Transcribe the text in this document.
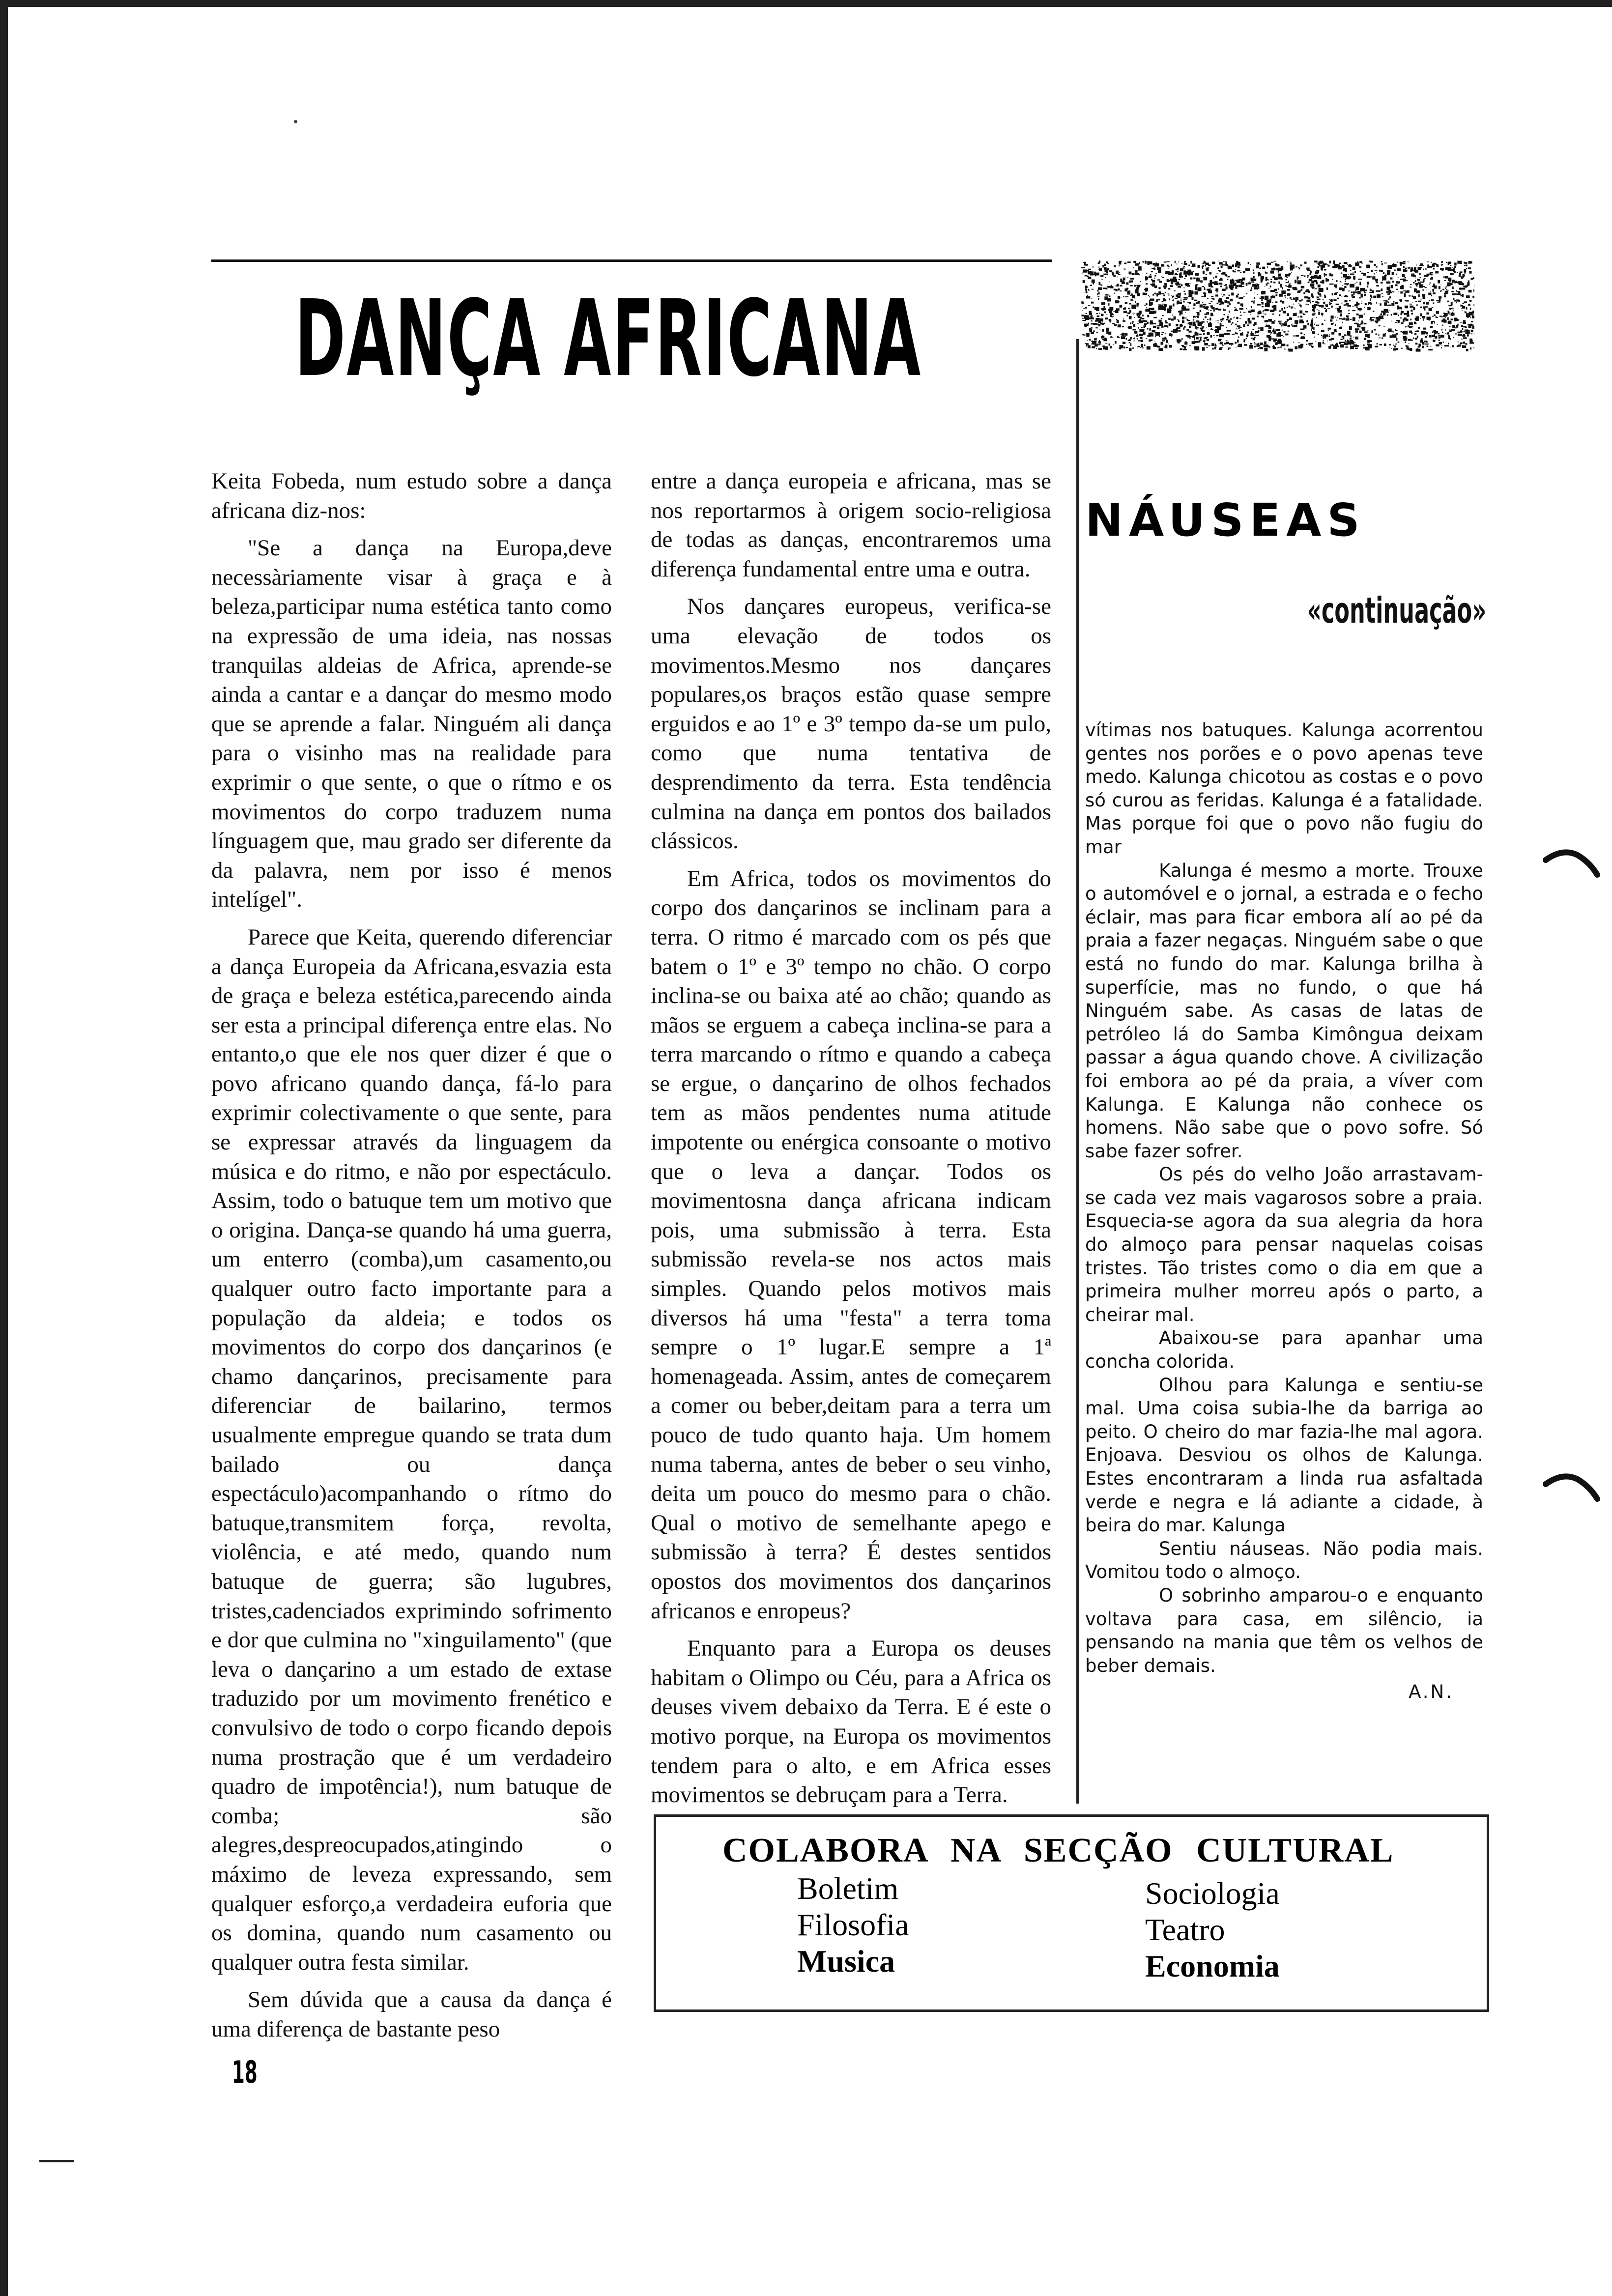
DANÇA AFRICANA

Keita Fobeda, num estudo sobre a dança africana diz-nos:

"Se a dança na Europa,deve necessàriamente visar à graça e à beleza,participar numa estética tanto como na expressão de uma ideia, nas nossas tranquilas aldeias de Africa, aprende-se ainda a cantar e a dançar do mesmo modo que se aprende a falar. Ninguém ali dança para o visinho mas na realidade para exprimir o que sente, o que o rítmo e os movimentos do corpo traduzem numa línguagem que, mau grado ser diferente da da palavra, nem por isso é menos intelígel".

Parece que Keita, querendo diferenciar a dança Europeia da Africana,esvazia esta de graça e beleza estética,parecendo ainda ser esta a principal diferença entre elas. No entanto,o que ele nos quer dizer é que o povo africano quando dança, fá-lo para exprimir colectivamente o que sente, para se expressar através da linguagem da música e do ritmo, e não por espectáculo. Assim, todo o batuque tem um motivo que o origina. Dança-se quando há uma guerra, um enterro (comba),um casamento,ou qualquer outro facto importante para a população da aldeia; e todos os movimentos do corpo dos dançarinos (e chamo dançarinos, precisamente para diferenciar de bailarino, termos usualmente empregue quando se trata dum bailado ou dança espectáculo)acompanhando o rítmo do batuque,transmitem força, revolta, violência, e até medo, quando num batuque de guerra; são lugubres, tristes,cadenciados exprimindo sofrimento e dor que culmina no "xinguilamento" (que leva o dançarino a um estado de extase traduzido por um movimento frenético e convulsivo de todo o corpo ficando depois numa prostração que é um verdadeiro quadro de impotência!), num batuque de comba; são alegres,despreocupados,atingindo o máximo de leveza expressando, sem qualquer esforço,a verdadeira euforia que os domina, quando num casamento ou qualquer outra festa similar.

Sem dúvida que a causa da dança é uma diferença de bastante peso

entre a dança europeia e africana, mas se nos reportarmos à origem socio-religiosa de todas as danças, encontraremos uma diferença fundamental entre uma e outra.

Nos dançares europeus, verifica-se uma elevação de todos os movimentos.Mesmo nos dançares populares,os braços estão quase sempre erguidos e ao 1º e 3º tempo da-se um pulo, como que numa tentativa de desprendimento da terra. Esta tendência culmina na dança em pontos dos bailados clássicos.

Em Africa, todos os movimentos do corpo dos dançarinos se inclinam para a terra. O ritmo é marcado com os pés que batem o 1º e 3º tempo no chão. O corpo inclina-se ou baixa até ao chão; quando as mãos se erguem a cabeça inclina-se para a terra marcando o rítmo e quando a cabeça se ergue, o dançarino de olhos fechados tem as mãos pendentes numa atitude impotente ou enérgica consoante o motivo que o leva a dançar. Todos os movimentosna dança africana indicam pois, uma submissão à terra. Esta submissão revela-se nos actos mais simples. Quando pelos motivos mais diversos há uma "festa" a terra toma sempre o 1º lugar.E sempre a 1ª homenageada. Assim, antes de começarem a comer ou beber,deitam para a terra um pouco de tudo quanto haja. Um homem numa taberna, antes de beber o seu vinho, deita um pouco do mesmo para o chão. Qual o motivo de semelhante apego e submissão à terra? É destes sentidos opostos dos movimentos dos dançarinos africanos e enropeus?

Enquanto para a Europa os deuses habitam o Olimpo ou Céu, para a Africa os deuses vivem debaixo da Terra. E é este o motivo porque, na Europa os movimentos tendem para o alto, e em Africa esses movimentos se debruçam para a Terra.

18
NÁUSEAS
«continuação»

vítimas nos batuques. Kalunga acorrentou gentes nos porões e o povo apenas teve medo. Kalunga chicotou as costas e o povo só curou as feridas. Kalunga é a fatalidade. Mas porque foi que o povo não fugiu do mar

Kalunga é mesmo a morte. Trouxe o automóvel e o jornal, a estrada e o fecho éclair, mas para ficar embora alí ao pé da praia a fazer negaças. Ninguém sabe o que está no fundo do mar. Kalunga brilha à superfície, mas no fundo, o que há Ninguém sabe. As casas de latas de petróleo lá do Samba Kimôngua deixam passar a água quando chove. A civilização foi embora ao pé da praia, a víver com Kalunga. E Kalunga não conhece os homens. Não sabe que o povo sofre. Só sabe fazer sofrer.

Os pés do velho João arrastavam-se cada vez mais vagarosos sobre a praia. Esquecia-se agora da sua alegria da hora do almoço para pensar naquelas coisas tristes. Tão tristes como o dia em que a primeira mulher morreu após o parto, a cheirar mal.

Abaixou-se para apanhar uma concha colorida.

Olhou para Kalunga e sentiu-se mal. Uma coisa subia-lhe da barriga ao peito. O cheiro do mar fazia-lhe mal agora. Enjoava. Desviou os olhos de Kalunga. Estes encontraram a linda rua asfaltada verde e negra e lá adiante a cidade, à beira do mar. Kalunga

Sentiu náuseas. Não podia mais. Vomitou todo o almoço.

O sobrinho amparou-o e enquanto voltava para casa, em silêncio, ia pensando na mania que têm os velhos de beber demais.

A.N.

COLABORA NA SECÇÃO CULTURAL
Boletim
Filosofia
Musica
Sociologia
Teatro
Economia
